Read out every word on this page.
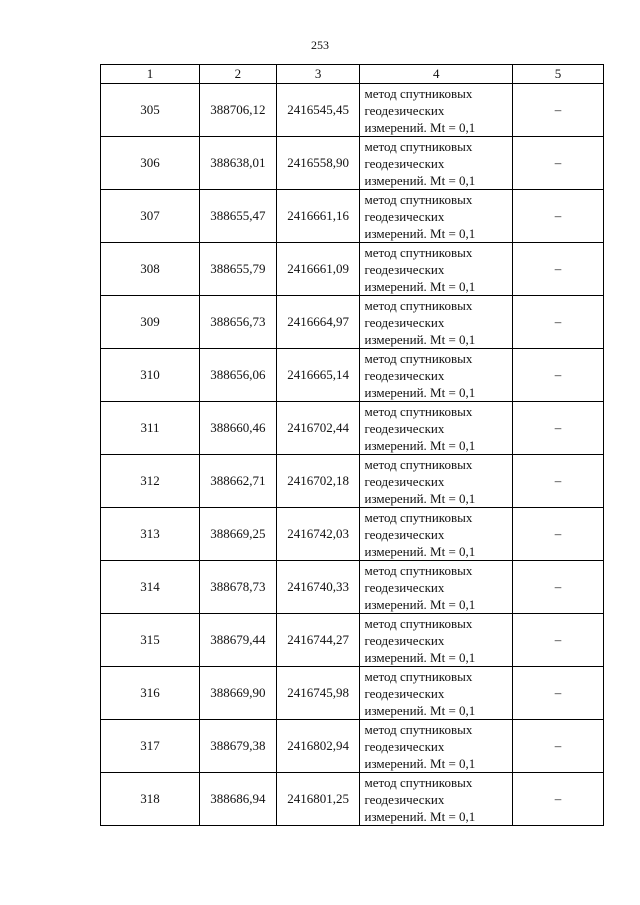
253
1	2	3	4	5
305	388706,12	2416545,45	метод спутниковых
геодезических
измерений. Mt = 0,1	–
306	388638,01	2416558,90	метод спутниковых
геодезических
измерений. Mt = 0,1	–
307	388655,47	2416661,16	метод спутниковых
геодезических
измерений. Mt = 0,1	–
308	388655,79	2416661,09	метод спутниковых
геодезических
измерений. Mt = 0,1	–
309	388656,73	2416664,97	метод спутниковых
геодезических
измерений. Mt = 0,1	–
310	388656,06	2416665,14	метод спутниковых
геодезических
измерений. Mt = 0,1	–
311	388660,46	2416702,44	метод спутниковых
геодезических
измерений. Mt = 0,1	–
312	388662,71	2416702,18	метод спутниковых
геодезических
измерений. Mt = 0,1	–
313	388669,25	2416742,03	метод спутниковых
геодезических
измерений. Mt = 0,1	–
314	388678,73	2416740,33	метод спутниковых
геодезических
измерений. Mt = 0,1	–
315	388679,44	2416744,27	метод спутниковых
геодезических
измерений. Mt = 0,1	–
316	388669,90	2416745,98	метод спутниковых
геодезических
измерений. Mt = 0,1	–
317	388679,38	2416802,94	метод спутниковых
геодезических
измерений. Mt = 0,1	–
318	388686,94	2416801,25	метод спутниковых
геодезических
измерений. Mt = 0,1	–
